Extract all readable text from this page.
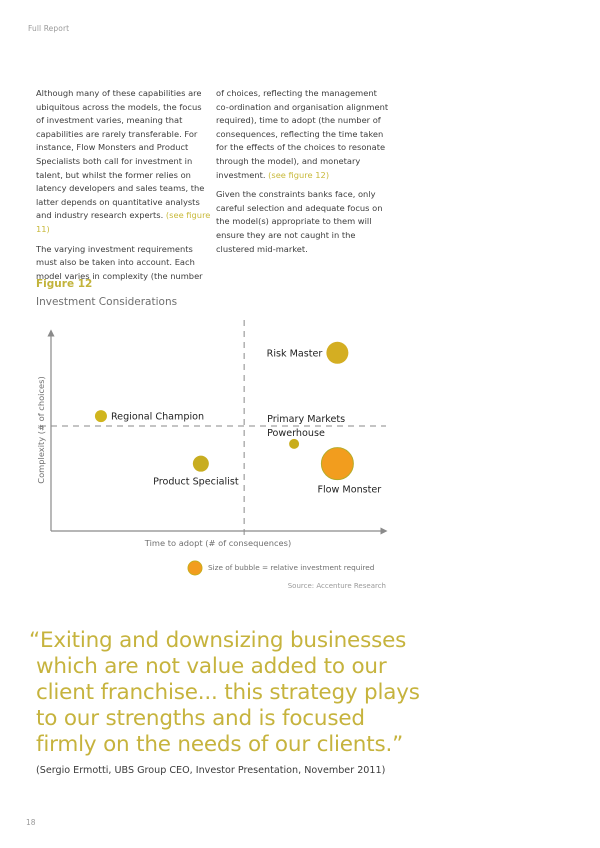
Full Report

Although many of these capabilities are ubiquitous across the models, the focus of investment varies, meaning that capabilities are rarely transferable. For instance, Flow Monsters and Product Specialists both call for investment in talent, but whilst the former relies on latency developers and sales teams, the latter depends on quantitative analysts and industry research experts. (see figure 11)

The varying investment requirements must also be taken into account. Each model varies in complexity (the number

of choices, reflecting the management co-ordination and organisation alignment required), time to adopt (the number of consequences, reflecting the time taken for the effects of the choices to resonate through the model), and monetary investment. (see figure 12)

Given the constraints banks face, only careful selection and adequate focus on the model(s) appropriate to them will ensure they are not caught in the clustered mid-market.

Figure 12
Investment Considerations
Risk Master
Regional Champion	Primary Markets
Powerhouse
Product Specialist
Flow Monster
Time to adopt (# of consequences)
Complexity (# of choices)
Size of bubble = relative investment required
Source: Accenture Research
“Exiting and downsizing businesses
which are not value added to our
client franchise... this strategy plays
to our strengths and is focused
firmly on the needs of our clients.”
(Sergio Ermotti, UBS Group CEO, Investor Presentation, November 2011)
18
